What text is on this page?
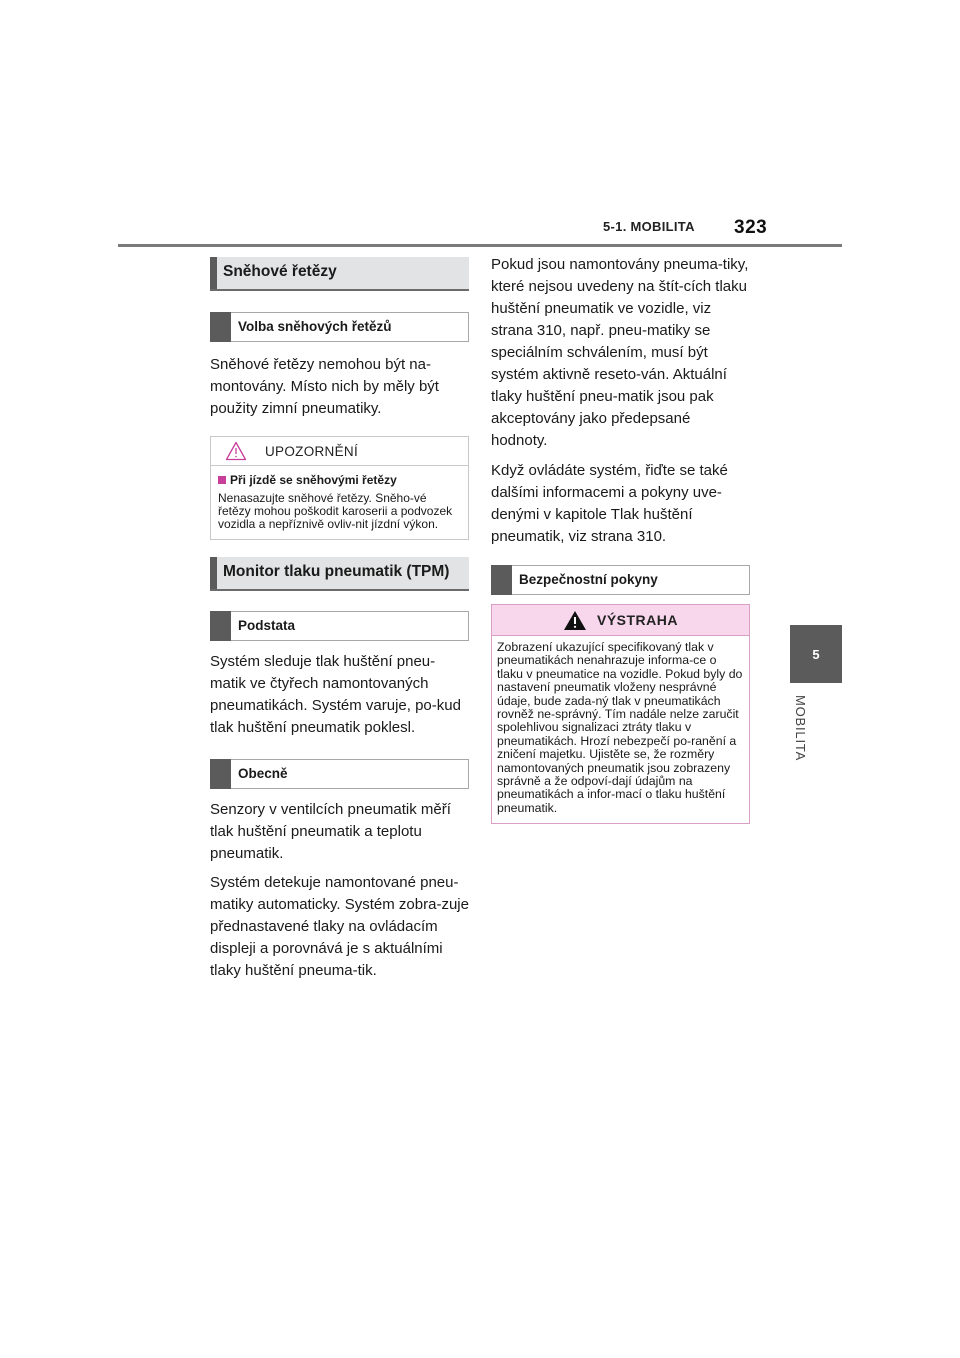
5-1. MOBILITA 323
5
MOBILITA
Sněhové řetězy
Volba sněhových řetězů

Sněhové řetězy nemohou být na-montovány. Místo nich by měly být použity zimní pneumatiky.

UPOZORNĚNÍ
Při jízdě se sněhovými řetězy
Nenasazujte sněhové řetězy. Sněho-vé řetězy mohou poškodit karoserii a podvozek vozidla a nepříznivě ovliv-nit jízdní výkon.
Monitor tlaku pneumatik (TPM)
Podstata

Systém sleduje tlak huštění pneu-matik ve čtyřech namontovaných pneumatikách. Systém varuje, po-kud tlak huštění pneumatik poklesl.

Obecně

Senzory v ventilcích pneumatik měří tlak huštění pneumatik a teplotu pneumatik.

Systém detekuje namontované pneu-matiky automaticky. Systém zobra-zuje přednastavené tlaky na ovládacím displeji a porovnává je s aktuálními tlaky huštění pneuma-tik.

Pokud jsou namontovány pneuma-tiky, které nejsou uvedeny na štít-cích tlaku huštění pneumatik ve vozidle, viz strana 310, např. pneu-matiky se speciálním schválením, musí být systém aktivně reseto-ván. Aktuální tlaky huštění pneu-matik jsou pak akceptovány jako předepsané hodnoty.

Když ovládáte systém, řiďte se také dalšími informacemi a pokyny uve-denými v kapitole Tlak huštění pneumatik, viz strana 310.

Bezpečnostní pokyny
VÝSTRAHA
Zobrazení ukazující specifikovaný tlak v pneumatikách nenahrazuje informa-ce o tlaku v pneumatice na vozidle. Pokud byly do nastavení pneumatik vloženy nesprávné údaje, bude zada-ný tlak v pneumatikách rovněž ne-správný. Tím nadále nelze zaručit spolehlivou signalizaci ztráty tlaku v pneumatikách. Hrozí nebezpečí po-ranění a zničení majetku. Ujistěte se, že rozměry namontovaných pneumatik jsou zobrazeny správně a že odpoví-dají údajům na pneumatikách a infor-mací o tlaku huštění pneumatik.
